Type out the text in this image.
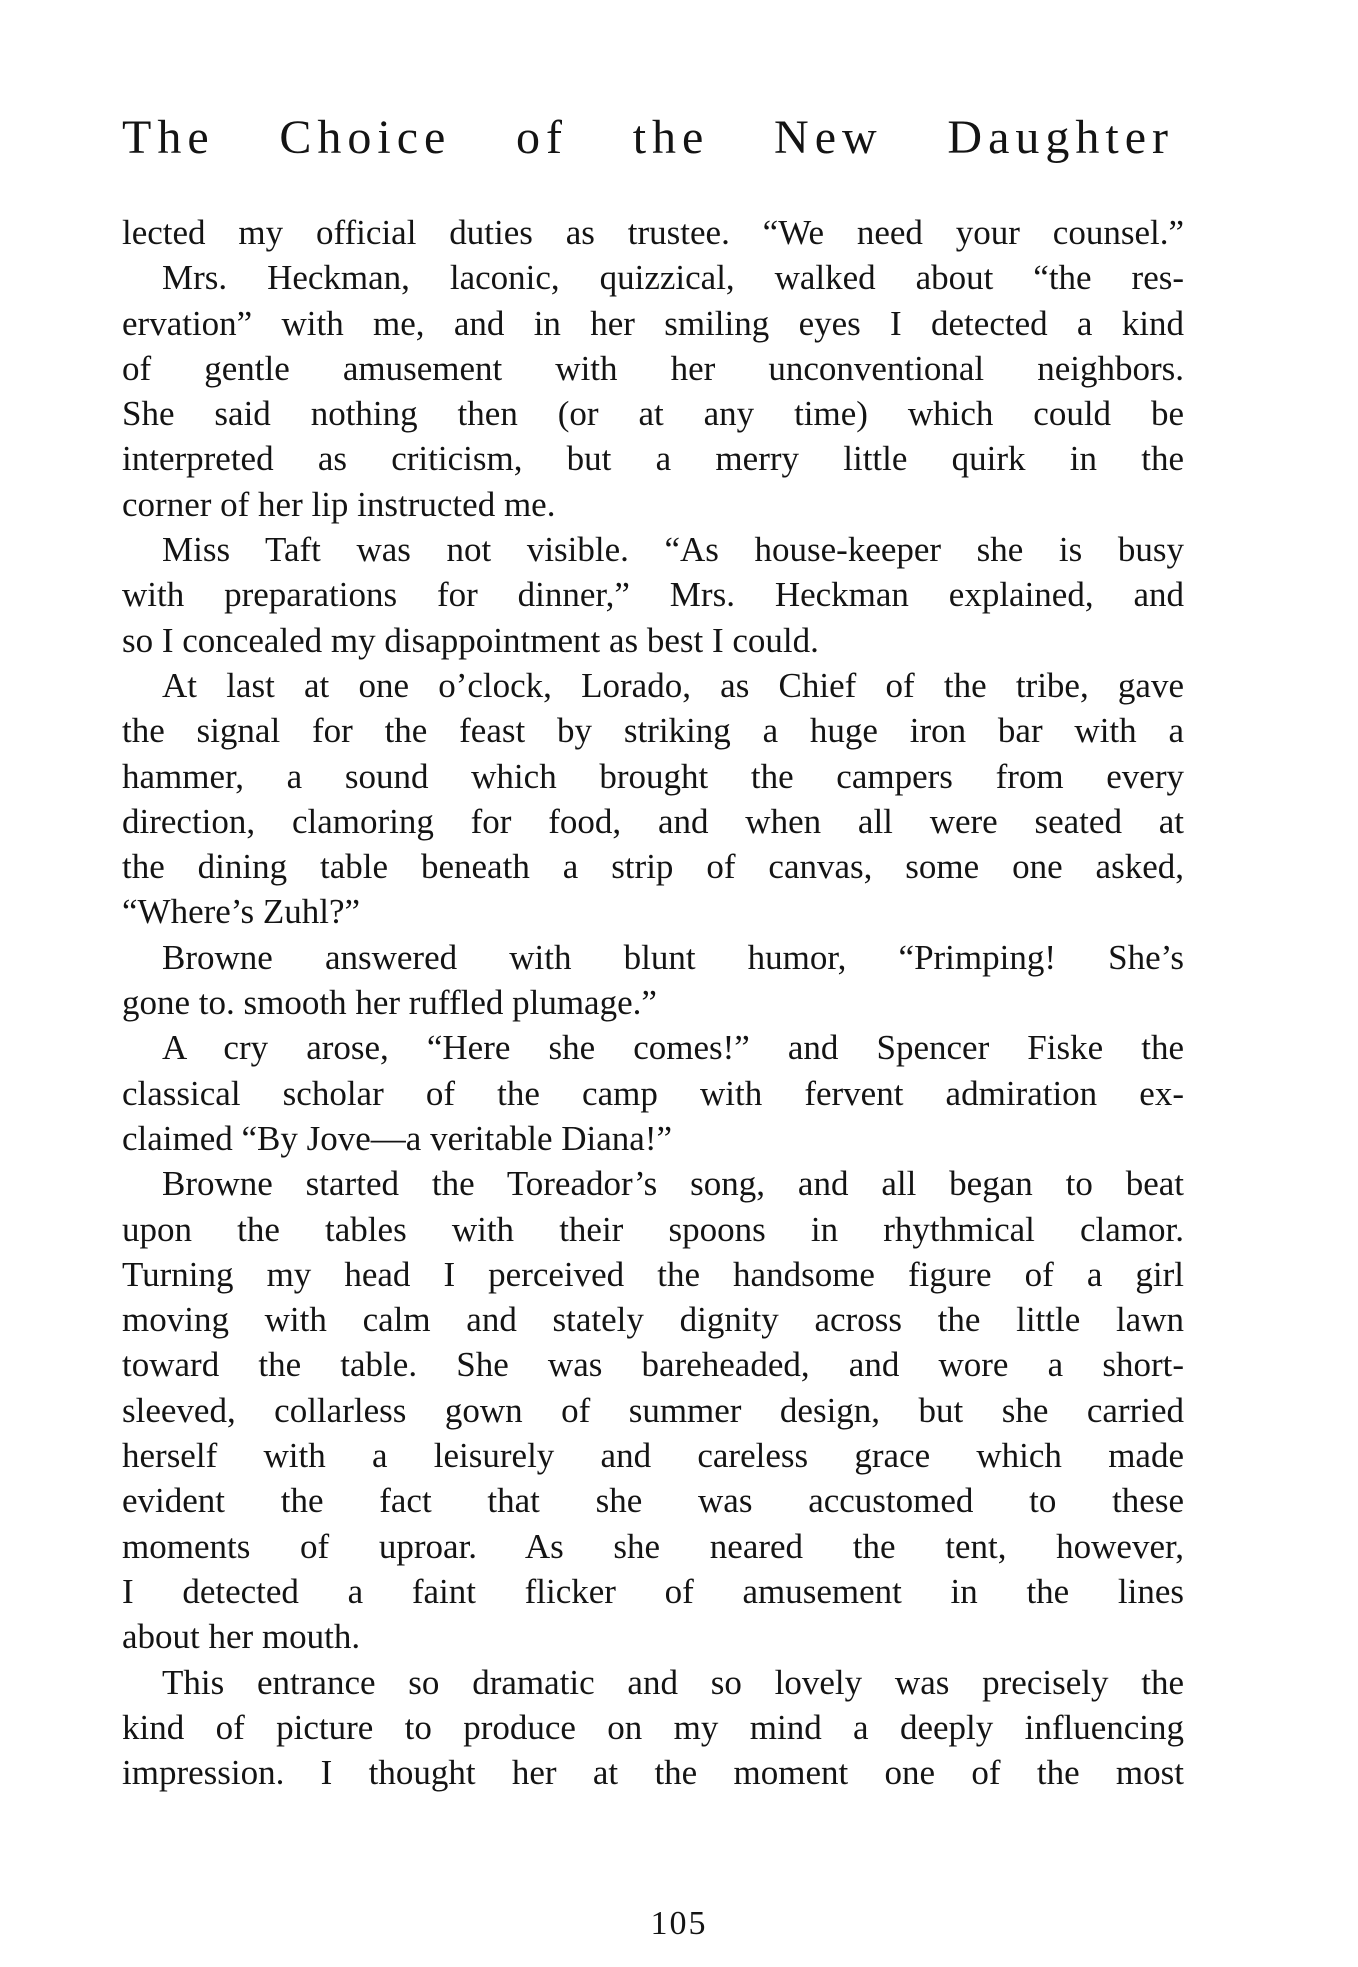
The Choice of the New Daughter
lected my official duties as trustee. “We need your counsel.”
Mrs. Heckman, laconic, quizzical, walked about “the res-
ervation” with me, and in her smiling eyes I detected a kind
of gentle amusement with her unconventional neighbors.
She said nothing then (or at any time) which could be
interpreted as criticism, but a merry little quirk in the
corner of her lip instructed me.
Miss Taft was not visible. “As house-keeper she is busy
with preparations for dinner,” Mrs. Heckman explained, and
so I concealed my disappointment as best I could.
At last at one o’clock, Lorado, as Chief of the tribe, gave
the signal for the feast by striking a huge iron bar with a
hammer, a sound which brought the campers from every
direction, clamoring for food, and when all were seated at
the dining table beneath a strip of canvas, some one asked,
“Where’s Zuhl?”
Browne answered with blunt humor, “Primping! She’s
gone to. smooth her ruffled plumage.”
A cry arose, “Here she comes!” and Spencer Fiske the
classical scholar of the camp with fervent admiration ex-
claimed “By Jove—a veritable Diana!”
Browne started the Toreador’s song, and all began to beat
upon the tables with their spoons in rhythmical clamor.
Turning my head I perceived the handsome figure of a girl
moving with calm and stately dignity across the little lawn
toward the table. She was bareheaded, and wore a short-
sleeved, collarless gown of summer design, but she carried
herself with a leisurely and careless grace which made
evident the fact that she was accustomed to these
moments of uproar. As she neared the tent, however,
I detected a faint flicker of amusement in the lines
about her mouth.
This entrance so dramatic and so lovely was precisely the
kind of picture to produce on my mind a deeply influencing
impression. I thought her at the moment one of the most
105
